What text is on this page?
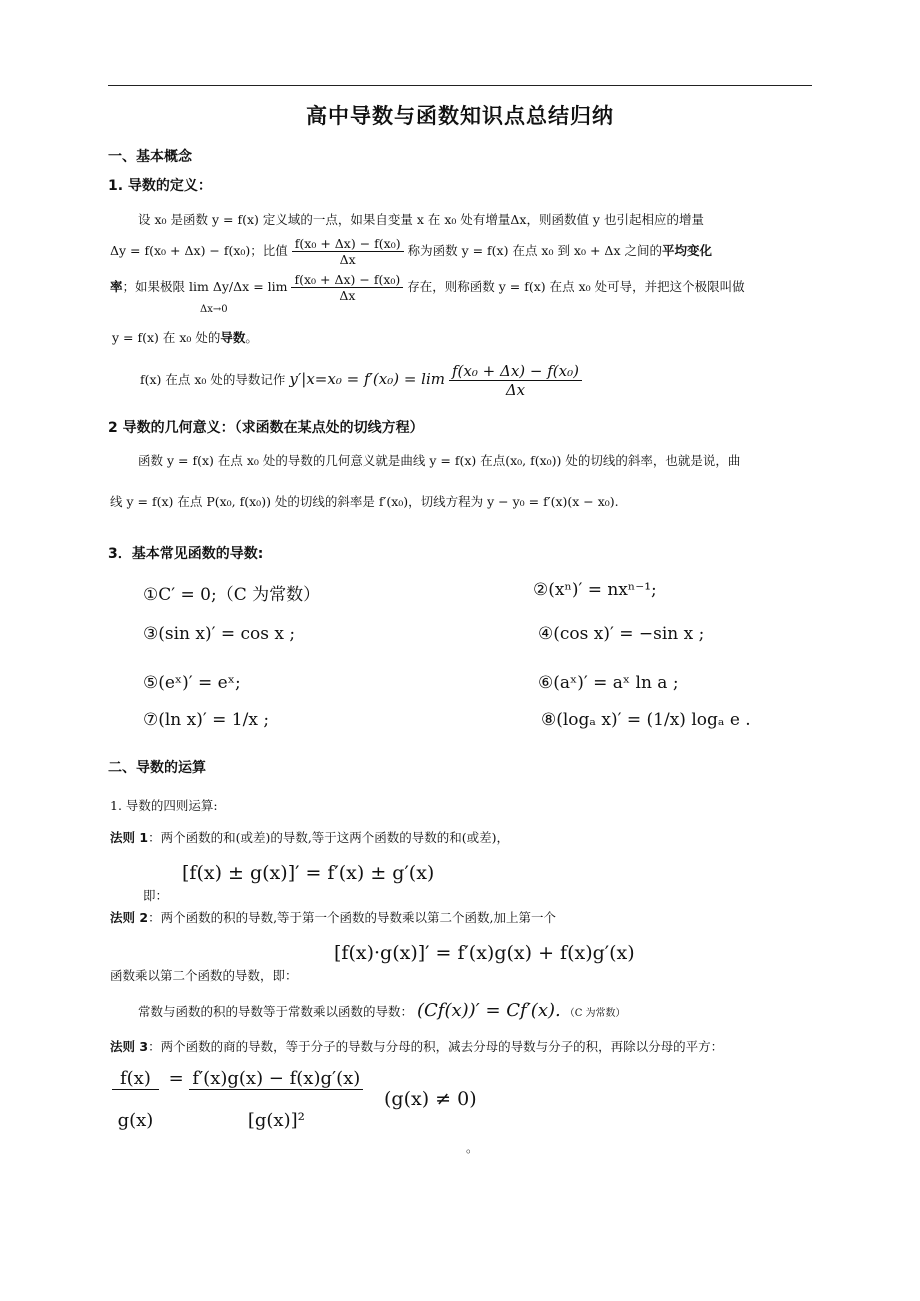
高中导数与函数知识点总结归纳
一、基本概念
1. 导数的定义：
设 x₀ 是函数 y = f(x) 定义域的一点，如果自变量 x 在 x₀ 处有增量Δx，则函数值 y 也引起相应的增量
Δy = f(x₀ + Δx) − f(x₀)；比值 $\frac{\text{f(x₀ + Δx) − f(x₀)}}{\Delta x}$ 称为函数 y = f(x) 在点 x₀ 到 x₀ + Δx 之间的平均变化
率；如果极限 $\lim \Delta y/\Delta x = \lim \frac{\text{f(x₀ + Δx) − f(x₀)}}{\Delta x}$ 存在，则称函数 y = f(x) 在点 x₀ 处可导，并把这个极限叫做
Δx→0
y = f(x) 在 x₀ 处的导数。
f(x) 在点 x₀ 处的导数记作 $y'|x=x_0 = f'(x_0) = \lim \frac{\text{f(x₀ + Δx) − f(x₀)}}{\Delta x}$
2 导数的几何意义：（求函数在某点处的切线方程）
函数 y = f(x) 在点 x₀ 处的导数的几何意义就是曲线 y = f(x) 在点(x₀, f(x₀)) 处的切线的斜率，也就是说，曲
线 y = f(x) 在点 P(x₀, f(x₀)) 处的切线的斜率是 f′(x₀)，切线方程为 y − y₀ = f′(x)(x − x₀).
3．基本常见函数的导数:
①C′ = 0;（C 为常数）	②(xⁿ)′ = nxⁿ⁻¹;
③(sin x)′ = cos x ;	④(cos x)′ = −sin x ;
⑤(eˣ)′ = eˣ;	⑥(aˣ)′ = aˣ ln a ;
⑦(ln x)′ = 1/x ;	⑧(logₐ x)′ = (1/x) logₐ e .
二、导数的运算
1. 导数的四则运算:
法则 1：两个函数的和(或差)的导数,等于这两个函数的导数的和(或差)，
即：
[f(x) ± g(x)]′ = f′(x) ± g′(x)
法则 2：两个函数的积的导数,等于第一个函数的导数乘以第二个函数,加上第一个
[f(x)·g(x)]′ = f′(x)g(x) + f(x)g′(x)
函数乘以第二个函数的导数，即：
常数与函数的积的导数等于常数乘以函数的导数： (Cf(x))′ = Cf′(x). （C 为常数）
法则 3：两个函数的商的导数，等于分子的导数与分母的积，减去分母的导数与分子的积，再除以分母的平方：
$\frac{f(x)}{g(x)} = \frac{f'(x)g(x) - f(x)g'(x)}{\text{[g(x)]²}} (g(x) \ne 0)$
。
